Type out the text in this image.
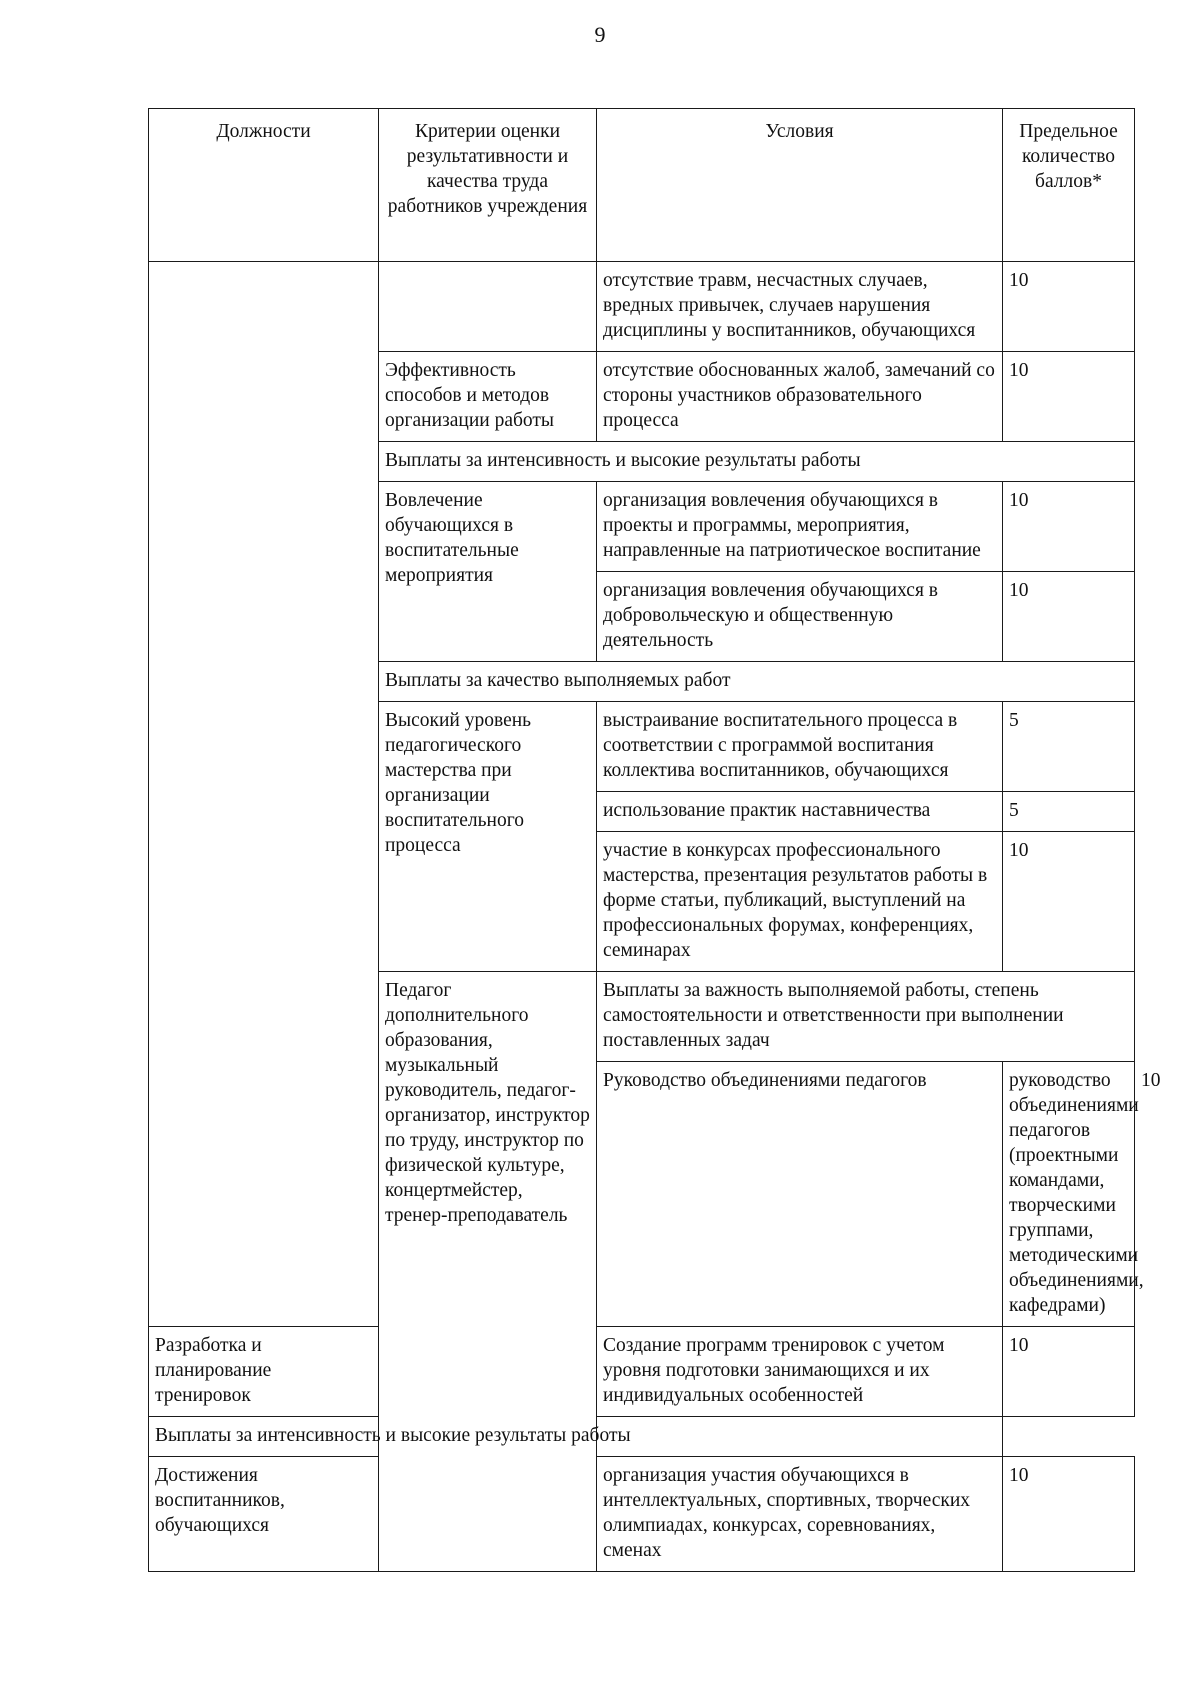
9
Должности	Критерии оценки результативности и качества труда работников учреждения	Условия	Предельное количество баллов*	
		отсутствие травм, несчастных случаев, вредных привычек, случаев нарушения дисциплины у воспитанников, обучающихся	10	
	Эффективность способов и методов организации работы	отсутствие обоснованных жалоб, замечаний со стороны участников образовательного процесса	10	
	Выплаты за интенсивность и высокие результаты работы			
	Вовлечение обучающихся в воспитательные мероприятия	организация вовлечения обучающихся в проекты и программы, мероприятия, направленные на патриотическое воспитание	10	
		организация вовлечения обучающихся в добровольческую и общественную деятельность	10	
	Выплаты за качество выполняемых работ			
	Высокий уровень педагогического мастерства при организации воспитательного процесса	выстраивание воспитательного процесса в соответствии с программой воспитания коллектива воспитанников, обучающихся	5	
		использование практик наставничества	5	
		участие в конкурсах профессионального мастерства, презентация результатов работы в форме статьи, публикаций, выступлений на профессиональных форумах, конференциях, семинарах	10	
	Педагог дополнительного образования, музыкальный руководитель, педагог-организатор, инструктор по труду, инструктор по физической культуре, концертмейстер, тренер-преподаватель	Выплаты за важность выполняемой работы, степень самостоятельности и ответственности при выполнении поставленных задач		
		Руководство объединениями педагогов	руководство объединениями педагогов (проектными командами, творческими группами, методическими объединениями, кафедрами)	10
Разработка и планирование тренировок		Создание программ тренировок с учетом уровня подготовки занимающихся и их индивидуальных особенностей	10	
Выплаты за интенсивность и высокие результаты работы				
Достижения воспитанников, обучающихся		организация участия обучающихся в интеллектуальных, спортивных, творческих олимпиадах, конкурсах, соревнованиях, сменах	10	
